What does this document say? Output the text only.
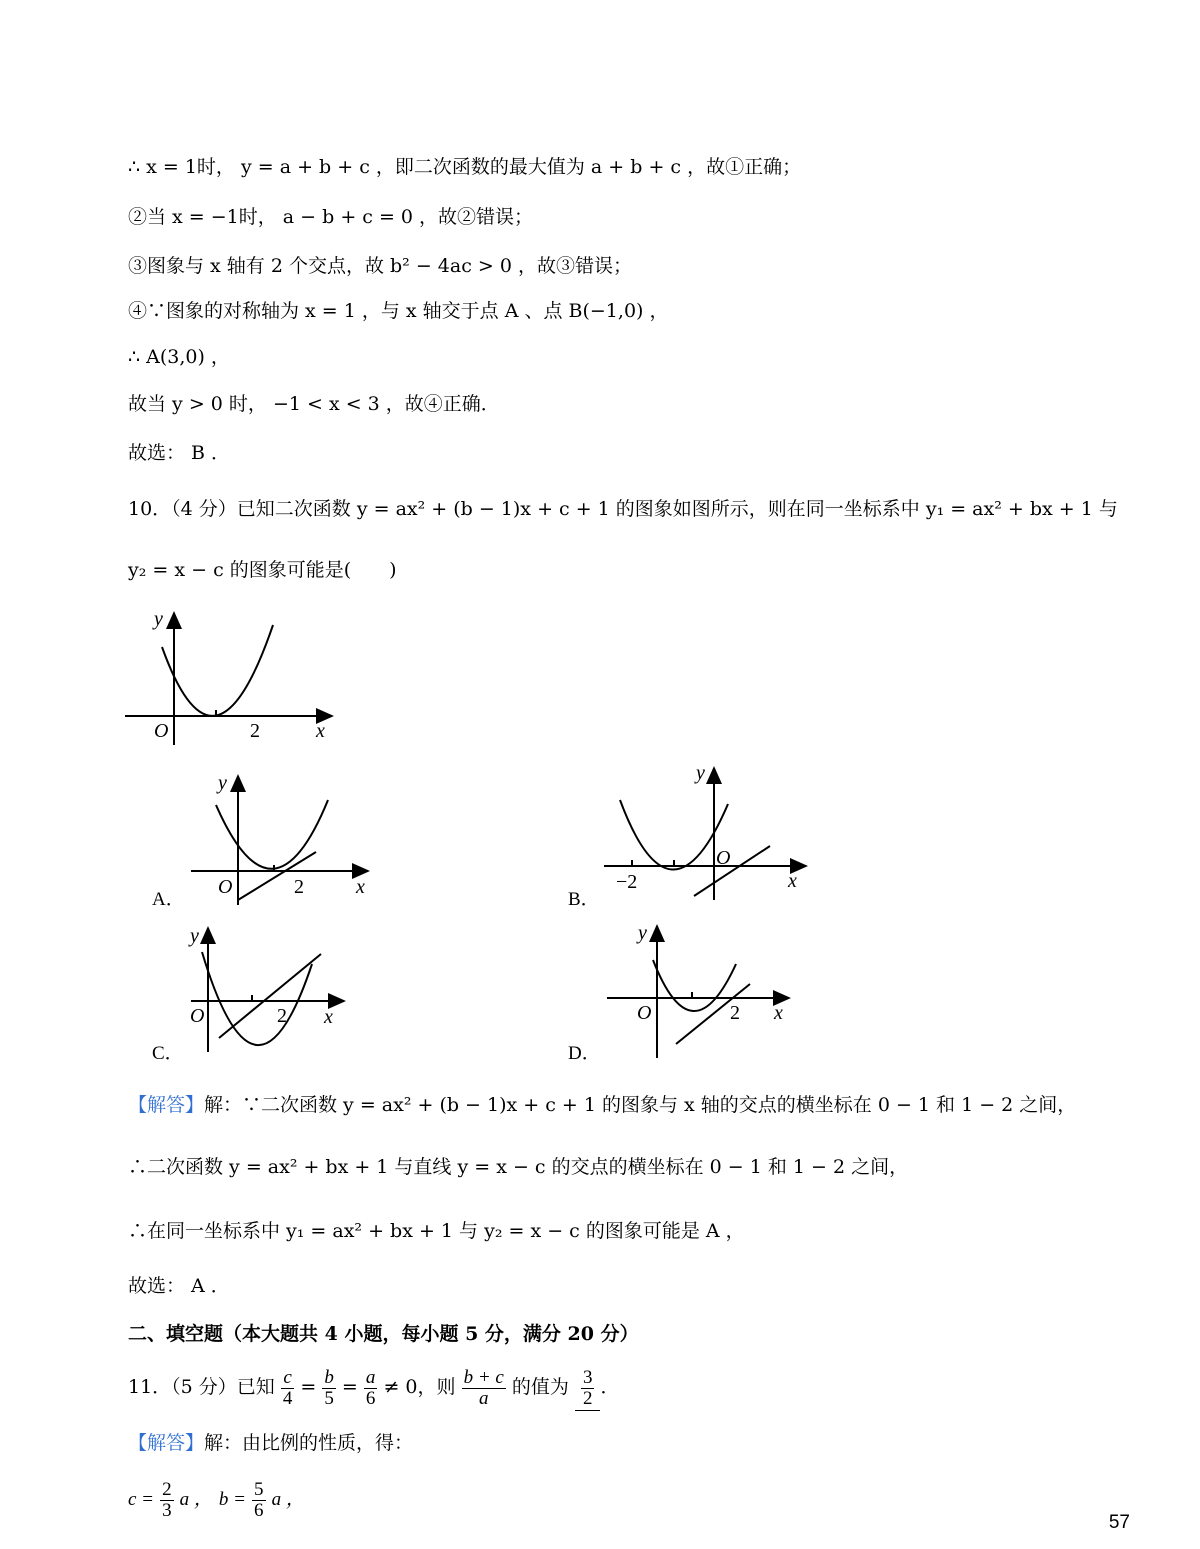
∴ x = 1时， y = a + b + c ，即二次函数的最大值为 a + b + c ，故①正确；
②当 x = −1时， a − b + c = 0 ，故②错误；
③图象与 x 轴有 2 个交点，故 b² − 4ac > 0 ，故③错误；
④∵图象的对称轴为 x = 1 ，与 x 轴交于点 A 、点 B(−1,0) ，
∴ A(3,0) ，
故当 y > 0 时， −1 < x < 3 ，故④正确．
故选： B ．
10．（4 分）已知二次函数 y = ax² + (b − 1)x + c + 1 的图象如图所示，则在同一坐标系中 y₁ = ax² + bx + 1 与
y₂ = x − c 的图象可能是(　　)
y
O	2	x
y
O	2	x
A．
y
O
−2	x
B．
y
O	2 x
C．
y
O	2 x
D．
【解答】解：∵二次函数 y = ax² + (b − 1)x + c + 1 的图象与 x 轴的交点的横坐标在 0 − 1 和 1 − 2 之间，
∴二次函数 y = ax² + bx + 1 与直线 y = x − c 的交点的横坐标在 0 − 1 和 1 − 2 之间，
∴在同一坐标系中 y₁ = ax² + bx + 1 与 y₂ = x − c 的图象可能是 A ，
故选： A ．
二、填空题（本大题共 4 小题，每小题 5 分，满分 20 分）
11．（5 分）已知 $\frac{c}{4} = \frac{b}{5} = \frac{a}{6} \ne 0$，则 $\frac{b + c}{a}$ 的值为 $\frac{3}{2}$ ．
【解答】解：由比例的性质，得：
$c = \frac{2}{3}$ a ， $b = \frac{5}{6}$ a ，
57
